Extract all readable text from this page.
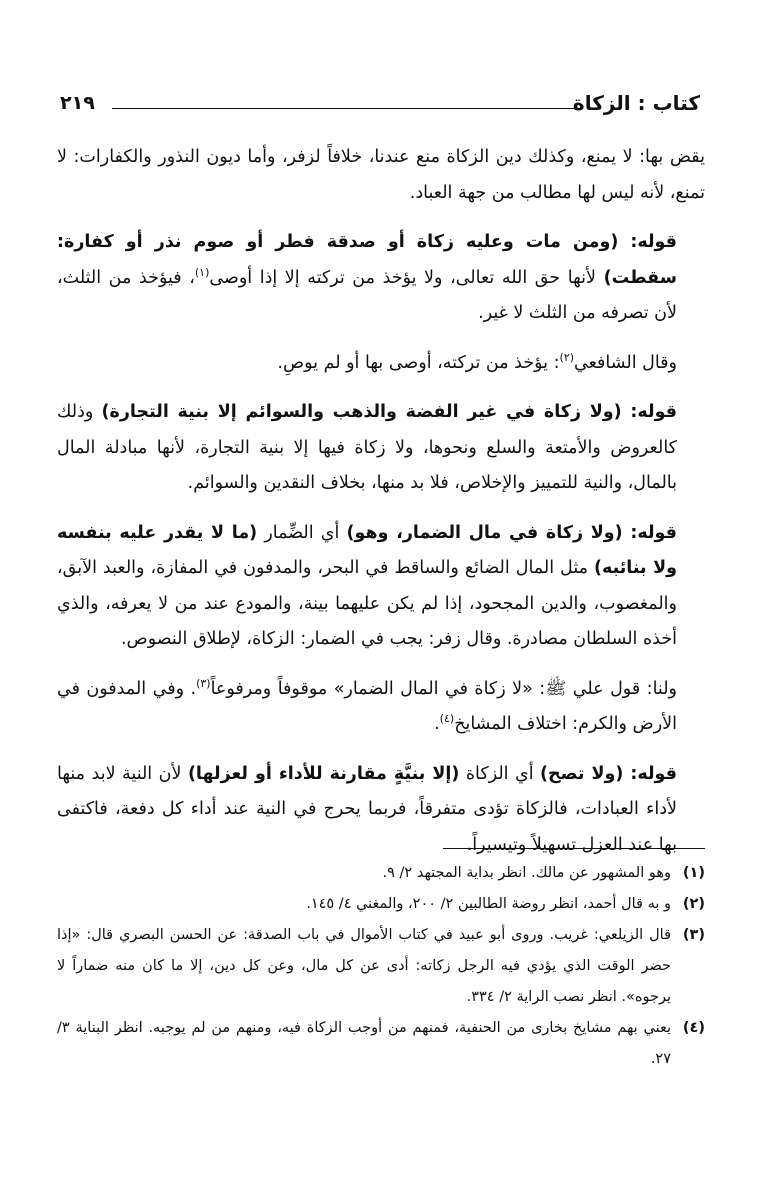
كتاب : الزكاة
٢١٩

يقض بها: لا يمنع، وكذلك دين الزكاة منع عندنا، خلافاً لزفر، وأما ديون النذور والكفارات: لا تمنع، لأنه ليس لها مطالب من جهة العباد.

قوله: (ومن مات وعليه زكاة أو صدقة فطر أو صوم نذر أو كفارة: سقطت) لأنها حق الله تعالى، ولا يؤخذ من تركته إلا إذا أوصى$^{(١)}$، فيؤخذ من الثلث، لأن تصرفه من الثلث لا غير.

وقال الشافعي$^{(٢)}$: يؤخذ من تركته، أوصى بها أو لم يوصِ.

قوله: (ولا زكاة في غير الفضة والذهب والسوائم إلا بنية التجارة) وذلك كالعروض والأمتعة والسلع ونحوها، ولا زكاة فيها إلا بنية التجارة، لأنها مبادلة المال بالمال، والنية للتمييز والإخلاص، فلا بد منها، بخلاف النقدين والسوائم.

قوله: (ولا زكاة في مال الضمار، وهو) أي الضِّمار (ما لا يقدر عليه بنفسه ولا بنائبه) مثل المال الضائع والساقط في البحر، والمدفون في المفازة، والعبد الآبق، والمغصوب، والدين المجحود، إذا لم يكن عليهما بينة، والمودع عند من لا يعرفه، والذي أخذه السلطان مصادرة. وقال زفر: يجب في الضمار: الزكاة، لإطلاق النصوص.

ولنا: قول علي ﷺ: «لا زكاة في المال الضمار» موقوفاً ومرفوعاً$^{(٣)}$. وفي المدفون في الأرض والكرم: اختلاف المشايخ$^{(٤)}$.

قوله: (ولا تصح) أي الزكاة (إلا بنيَّةٍ مقارنة للأداء أو لعزلها) لأن النية لابد منها لأداء العبادات، فالزكاة تؤدى متفرقاً، فربما يحرج في النية عند أداء كل دفعة، فاكتفى بها عند العزل تسهيلاً وتيسيراً.

(١)
وهو المشهور عن مالك. انظر بداية المجتهد ٢/ ٩.
(٢)
و به قال أحمد، انظر روضة الطالبين ٢/ ٢٠٠، والمغني ٤/ ١٤٥.
(٣)
قال الزيلعي: غريب. وروى أبو عبيد في كتاب الأموال في باب الصدقة: عن الحسن البصري قال: «إذا حضر الوقت الذي يؤدي فيه الرجل زكاته: أدى عن كل مال، وعن كل دين، إلا ما كان منه ضماراً لا يرجوه». انظر نصب الراية ٢/ ٣٣٤.
(٤)
يعني بهم مشايخ بخارى من الحنفية، فمنهم من أوجب الزكاة فيه، ومنهم من لم يوجبه. انظر البناية ٣/ ٢٧.
